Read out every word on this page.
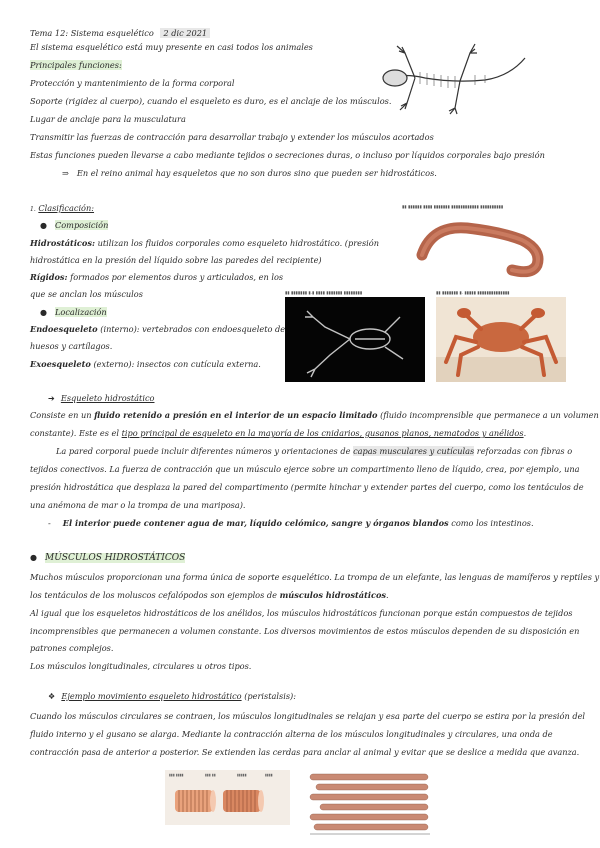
Tema 12: Sistema esquelético 2 dic 2021
El sistema esquelético está muy presente en casi todos los animales
Principales funciones:
Protección y mantenimiento de la forma corporal
Soporte (rigidez al cuerpo), cuando el esqueleto es duro, es el anclaje de los músculos.
Lugar de anclaje para la musculatura
Transmitir las fuerzas de contracción para desarrollar trabajo y extender los músculos acortados
Estas funciones pueden llevarse a cabo mediante tejidos o secreciones duras, o incluso por líquidos corporales bajo presión
⇒ En el reino animal hay esqueletos que no son duros sino que pueden ser hidrostáticos.
1. Clasificación:
● Composición
Hidrostáticos: utilizan los fluidos corporales como esqueleto hidrostático. (presión
hidrostática en la presión del líquido sobre las paredes del recipiente)
Rígidos: formados por elementos duros y articulados, en los
que se anclan los músculos
● Localización
Endoesqueleto (interno): vertebrados con endoesqueleto de
huesos y cartílagos.
Exoesqueleto (externo): insectos con cutícula externa.
▮▮ ▮▮▮▮▮▮ ▮▮▮▮ ▮▮▮▮▮▮▮ ▮▮▮▮▮▮▮▮▮▮▮▮ ▮▮▮▮▮▮▮▮▮▮
▮▮ ▮▮▮▮▮▮▮ ▮.▮ ▮▮▮▮ ▮▮▮▮▮▮▮ ▮▮▮▮▮▮▮▮	▮▮ ▮▮▮▮▮▮▮ ▮. ▮▮▮▮▮ ▮▮▮▮▮▮▮▮▮▮▮▮▮▮
➔ Esqueleto hidrostático
Consiste en un fluido retenido a presión en el interior de un espacio limitado (fluido incomprensible que permanece a un volumen
constante). Este es el tipo principal de esqueleto en la mayoría de los cnidarios, gusanos planos, nematodos y anélidos.
La pared corporal puede incluir diferentes números y orientaciones de capas musculares y cutículas reforzadas con fibras o
tejidos conectivos. La fuerza de contracción que un músculo ejerce sobre un compartimento lleno de líquido, crea, por ejemplo, una
presión hidrostática que desplaza la pared del compartimento (permite hinchar y extender partes del cuerpo, como los tentáculos de
una anémona de mar o la trompa de una mariposa).
- El interior puede contener agua de mar, líquido celómico, sangre y órganos blandos como los intestinos.
● MÚSCULOS HIDROSTÁTICOS
Muchos músculos proporcionan una forma única de soporte esquelético. La trompa de un elefante, las lenguas de mamíferos y reptiles y
los tentáculos de los moluscos cefalópodos son ejemplos de músculos hidrostáticos.
Al igual que los esqueletos hidrostáticos de los anélidos, los músculos hidrostáticos funcionan porque están compuestos de tejidos
incomprensibles que permanecen a volumen constante. Los diversos movimientos de estos músculos dependen de su disposición en
patrones complejos.
Los músculos longitudinales, circulares u otros tipos.
❖ Ejemplo movimiento esqueleto hidrostático (peristalsis):
Cuando los músculos circulares se contraen, los músculos longitudinales se relajan y esa parte del cuerpo se estira por la presión del
fluido interno y el gusano se alarga. Mediante la contracción alterna de los músculos longitudinales y circulares, una onda de
contracción pasa de anterior a posterior. Se extienden las cerdas para anclar al animal y evitar que se deslice a medida que avanza.
▮▮▮ ▮▮▮▮	▮▮▮ ▮▮	▮▮▮▮▮	▮▮▮▮
